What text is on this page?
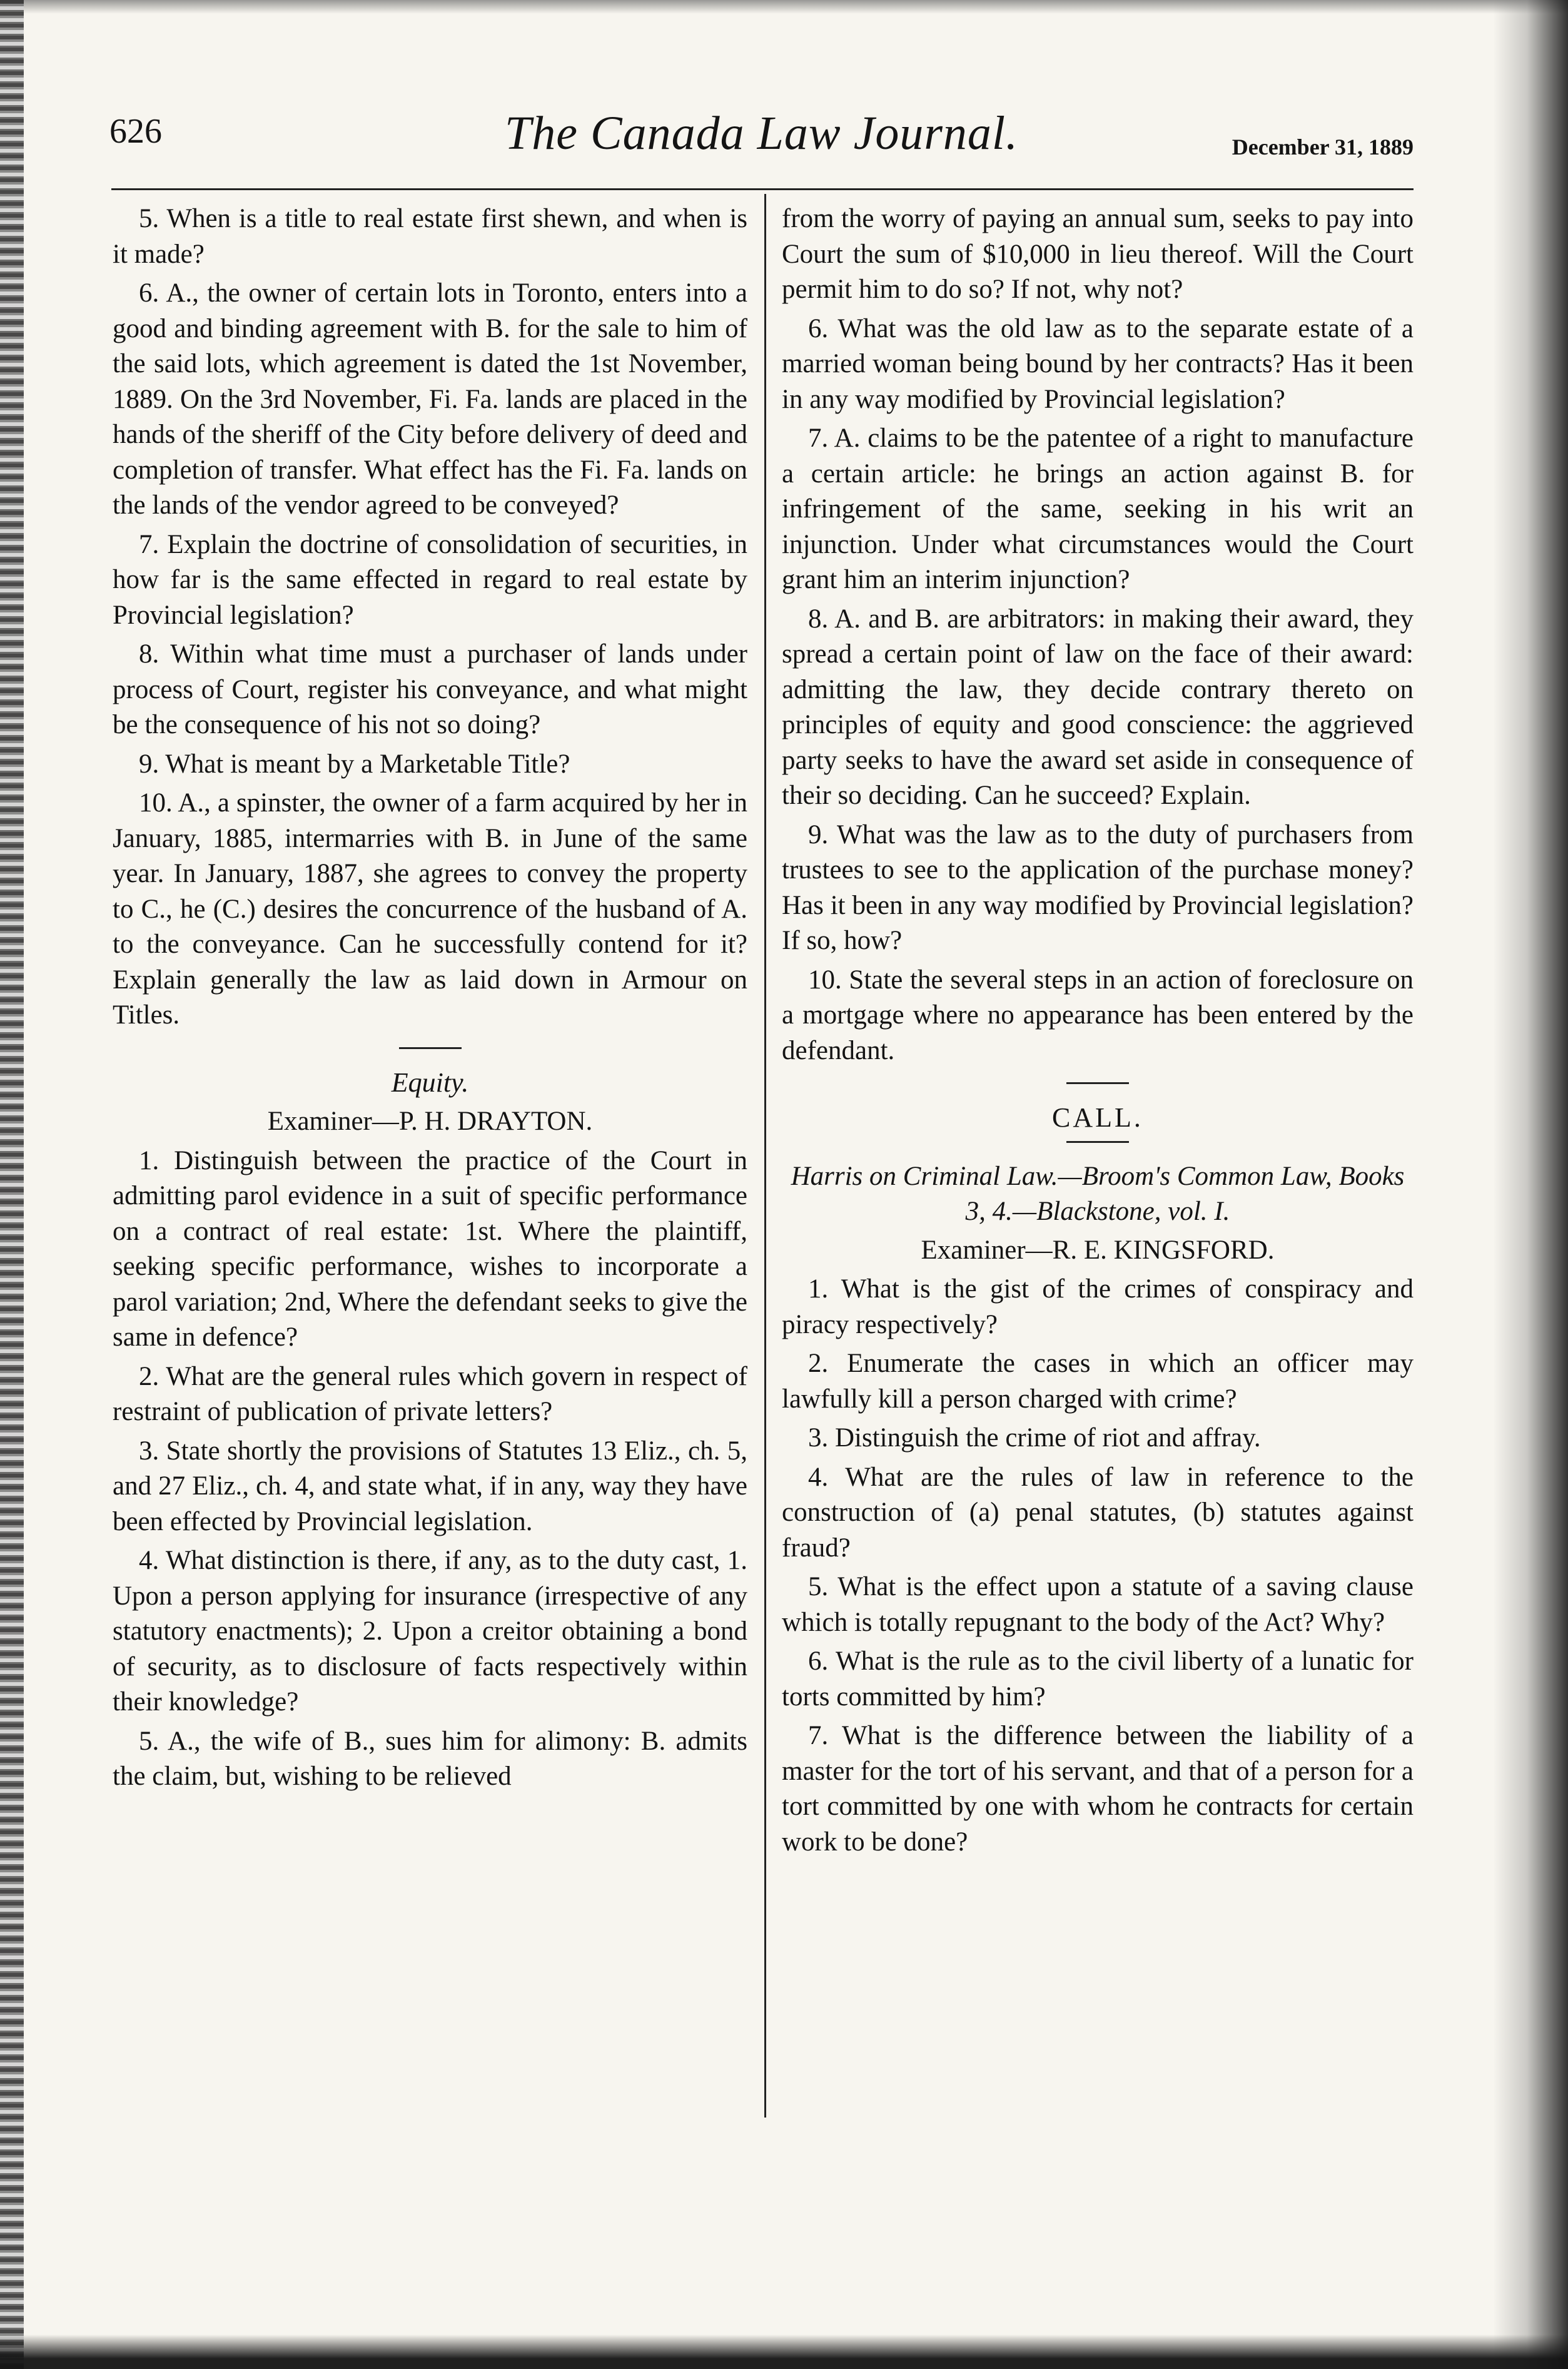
626	The Canada Law Journal.	December 31, 1889

5. When is a title to real estate first shewn, and when is it made?

6. A., the owner of certain lots in Toronto, enters into a good and binding agreement with B. for the sale to him of the said lots, which agreement is dated the 1st November, 1889. On the 3rd November, Fi. Fa. lands are placed in the hands of the sheriff of the City before delivery of deed and completion of transfer. What effect has the Fi. Fa. lands on the lands of the vendor agreed to be conveyed?

7. Explain the doctrine of consolidation of securities, in how far is the same effected in regard to real estate by Provincial legislation?

8. Within what time must a purchaser of lands under process of Court, register his conveyance, and what might be the consequence of his not so doing?

9. What is meant by a Marketable Title?

10. A., a spinster, the owner of a farm acquired by her in January, 1885, intermarries with B. in June of the same year. In January, 1887, she agrees to convey the property to C., he (C.) desires the concurrence of the husband of A. to the conveyance. Can he successfully contend for it? Explain generally the law as laid down in Armour on Titles.

Equity.

Examiner—P. H. DRAYTON.

1. Distinguish between the practice of the Court in admitting parol evidence in a suit of specific performance on a contract of real estate: 1st. Where the plaintiff, seeking specific performance, wishes to incorporate a parol variation; 2nd, Where the defendant seeks to give the same in defence?

2. What are the general rules which govern in respect of restraint of publication of private letters?

3. State shortly the provisions of Statutes 13 Eliz., ch. 5, and 27 Eliz., ch. 4, and state what, if in any, way they have been effected by Provincial legislation.

4. What distinction is there, if any, as to the duty cast, 1. Upon a person applying for insurance (irrespective of any statutory enactments); 2. Upon a creitor obtaining a bond of security, as to disclosure of facts respectively within their knowledge?

5. A., the wife of B., sues him for alimony: B. admits the claim, but, wishing to be relieved

from the worry of paying an annual sum, seeks to pay into Court the sum of $10,000 in lieu thereof. Will the Court permit him to do so? If not, why not?

6. What was the old law as to the separate estate of a married woman being bound by her contracts? Has it been in any way modified by Provincial legislation?

7. A. claims to be the patentee of a right to manufacture a certain article: he brings an action against B. for infringement of the same, seeking in his writ an injunction. Under what circumstances would the Court grant him an interim injunction?

8. A. and B. are arbitrators: in making their award, they spread a certain point of law on the face of their award: admitting the law, they decide contrary thereto on principles of equity and good conscience: the aggrieved party seeks to have the award set aside in consequence of their so deciding. Can he succeed? Explain.

9. What was the law as to the duty of purchasers from trustees to see to the application of the purchase money? Has it been in any way modified by Provincial legislation? If so, how?

10. State the several steps in an action of foreclosure on a mortgage where no appearance has been entered by the defendant.

CALL.

Harris on Criminal Law.—Broom's Common Law, Books 3, 4.—Blackstone, vol. I.

Examiner—R. E. KINGSFORD.

1. What is the gist of the crimes of conspiracy and piracy respectively?

2. Enumerate the cases in which an officer may lawfully kill a person charged with crime?

3. Distinguish the crime of riot and affray.

4. What are the rules of law in reference to the construction of (a) penal statutes, (b) statutes against fraud?

5. What is the effect upon a statute of a saving clause which is totally repugnant to the body of the Act? Why?

6. What is the rule as to the civil liberty of a lunatic for torts committed by him?

7. What is the difference between the liability of a master for the tort of his servant, and that of a person for a tort committed by one with whom he contracts for certain work to be done?
